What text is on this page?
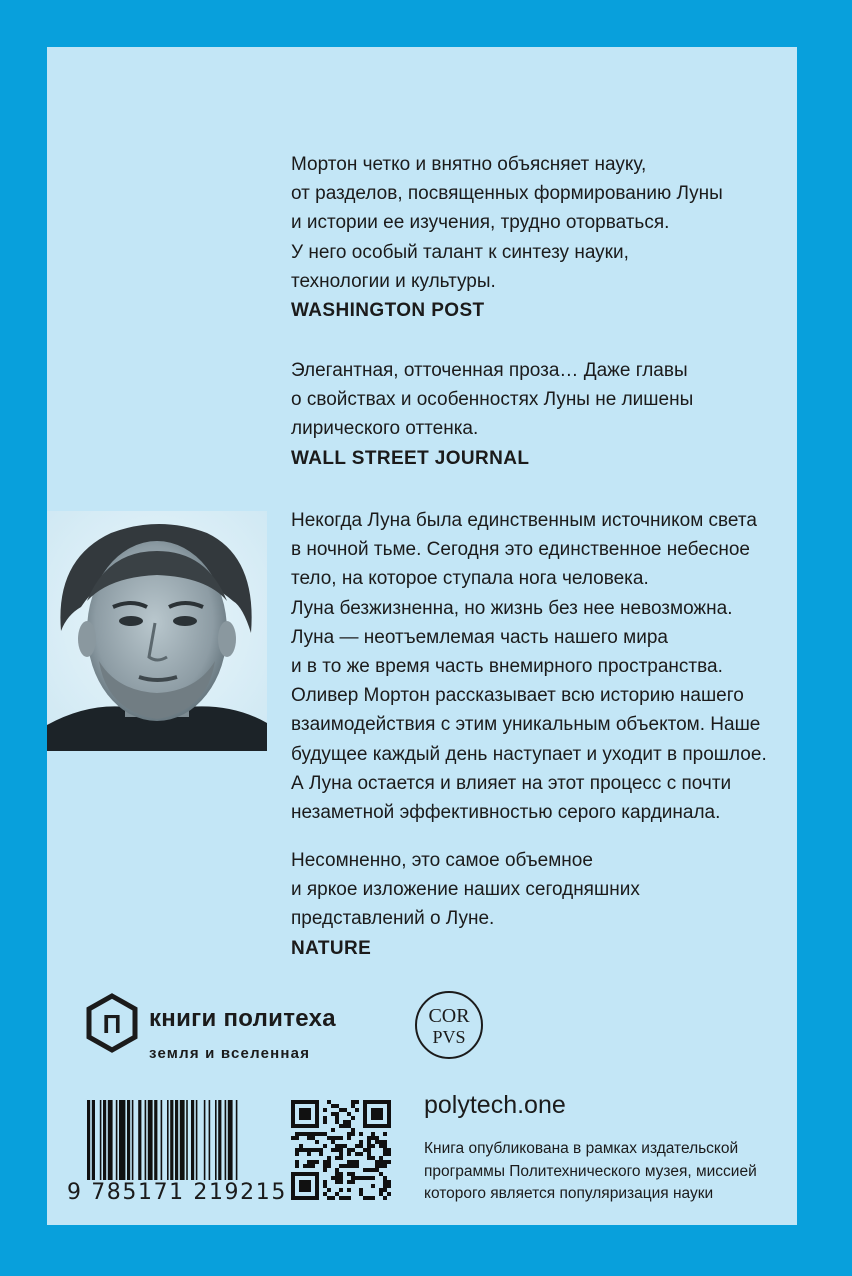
Мортон четко и внятно объясняет науку,

от разделов, посвященных формированию Луны

и истории ее изучения, трудно оторваться.

У него особый талант к синтезу науки,

технологии и культуры.

WASHINGTON POST

Элегантная, отточенная проза… Даже главы

о свойствах и особенностях Луны не лишены

лирического оттенка.

WALL STREET JOURNAL

Некогда Луна была единственным источником света

в ночной тьме. Сегодня это единственное небесное

тело, на которое ступала нога человека.

Луна безжизненна, но жизнь без нее невозможна.

Луна — неотъемлемая часть нашего мира

и в то же время часть внемирного пространства.

Оливер Мортон рассказывает всю историю нашего

взаимодействия с этим уникальным объектом. Наше

будущее каждый день наступает и уходит в прошлое.

А Луна остается и влияет на этот процесс с почти

незаметной эффективностью серого кардинала.

Несомненно, это самое объемное

и яркое изложение наших сегодняшних

представлений о Луне.

NATURE

П книги политеха
земля и вселенная
COR
PVS
9 785171 219215
polytech.one

Книга опубликована в рамках издательской

программы Политехнического музея, миссией

которого является популяризация науки
